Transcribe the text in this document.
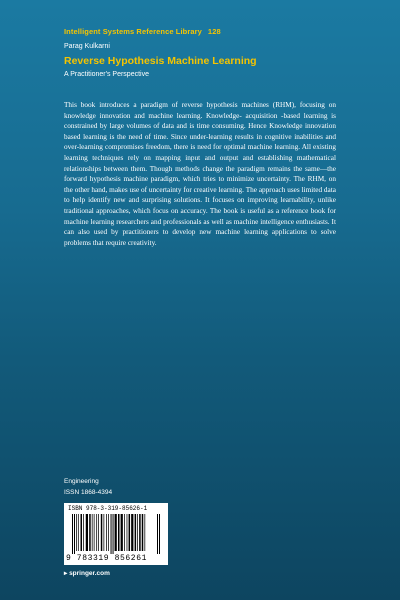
Intelligent Systems Reference Library 128
Parag Kulkarni
Reverse Hypothesis Machine Learning
A Practitioner's Perspective

This book introduces a paradigm of reverse hypothesis machines (RHM), focusing on knowledge innovation and machine learning. Knowledge- acquisition -based learning is constrained by large volumes of data and is time consuming. Hence Knowledge innovation based learning is the need of time. Since under-learning results in cognitive inabilities and over-learning compromises freedom, there is need for optimal machine learning. All existing learning techniques rely on mapping input and output and establishing mathematical relationships between them. Though methods change the paradigm remains the same—the forward hypothesis machine paradigm, which tries to minimize uncertainty. The RHM, on the other hand, makes use of uncertainty for creative learning. The approach uses limited data to help identify new and surprising solutions. It focuses on improving learnability, unlike traditional approaches, which focus on accuracy. The book is useful as a reference book for machine learning researchers and professionals as well as machine intelligence enthusiasts. It can also used by practitioners to develop new machine learning applications to solve problems that require creativity.

Engineering
ISSN 1868-4394
ISBN 978-3-319-85626-1
9 783319 856261
▸ springer.com
